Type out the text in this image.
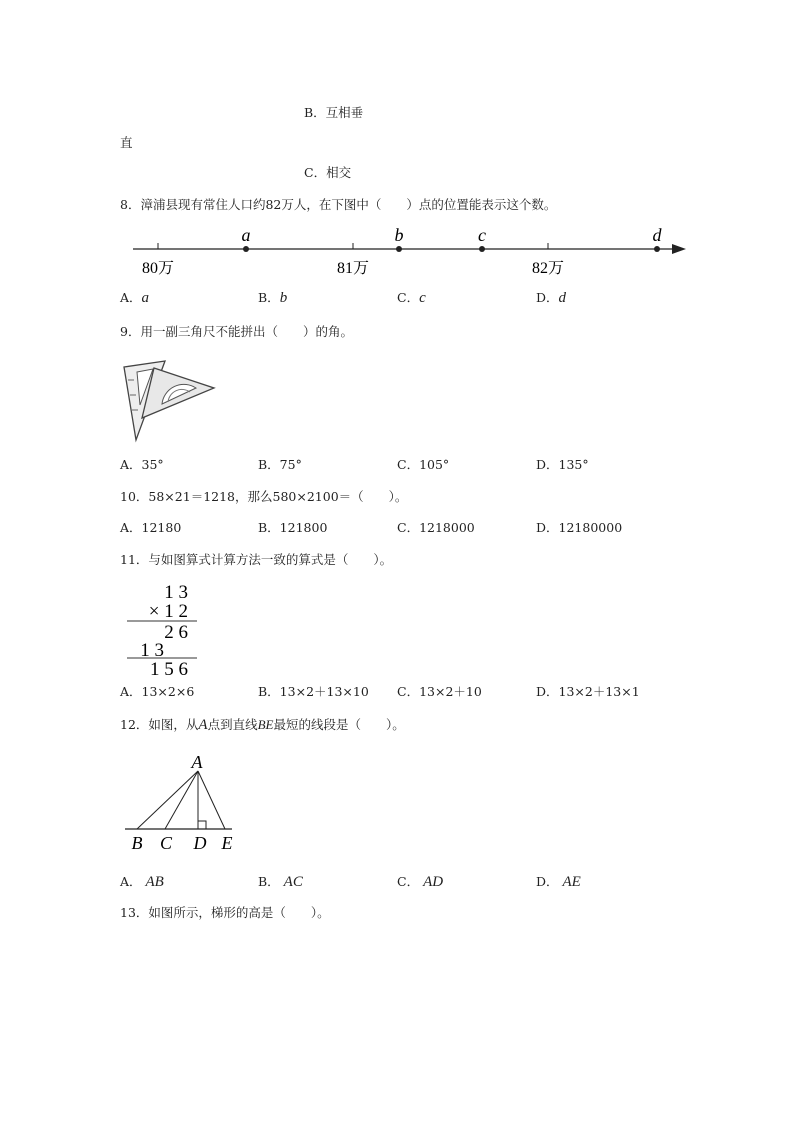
B．互相垂
直
C．相交
8．漳浦县现有常住人口约82万人，在下图中（　　）点的位置能表示这个数。
80万	81万	82万
a	b	c	d
A．a	B．b	C．c	D．d
9．用一副三角尺不能拼出（　　）的角。
A．35°	B．75°	C．105°	D．135°
10．58×21＝1218，那么580×2100＝（　　）。
A．12180	B．121800	C．1218000	D．12180000
11．与如图算式计算方法一致的算式是（　　）。
1 3
× 1 2
2 6
1 3
1 5 6
A．13×2×6	B．13×2＋13×10 C．13×2＋10	D．13×2＋13×1
12．如图，从A点到直线BE最短的线段是（　　）。
A
B C D E
A． AB	B． AC	C． AD	D． AE
13．如图所示，梯形的高是（　　）。
